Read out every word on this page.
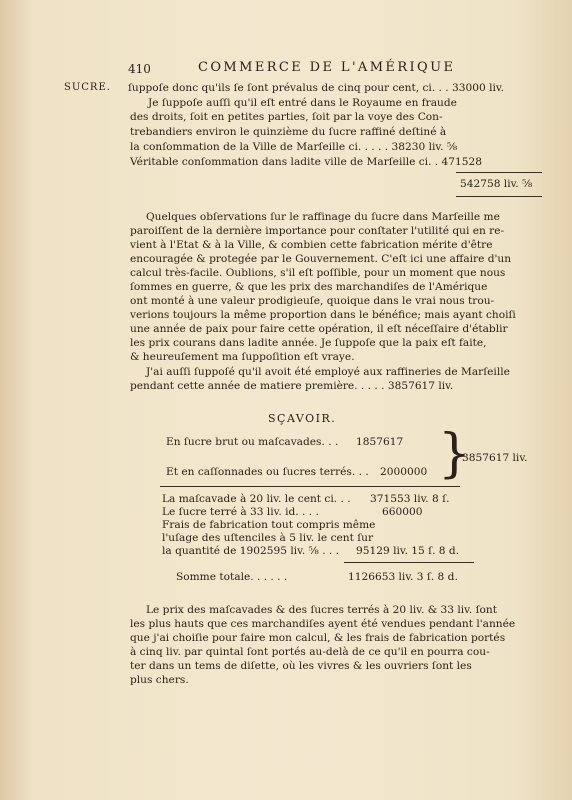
410	COMMERCE DE L'AMÉRIQUE
SUCRE. ſuppoſe donc qu'ils ſe ſont prévalus de cinq pour cent, ci. . . 33000 liv.
Je ſuppoſe auſſi qu'il eſt entré dans le Royaume en fraude
des droits, ſoit en petites parties, ſoit par la voye des Con-
trebandiers environ le quinzième du ſucre raffiné deſtiné à
la conſommation de la Ville de Marſeille ci. . . . . 38230 liv. ⅝
Véritable conſommation dans ladite ville de Marſeille ci. . 471528
542758 liv. ⅝
Quelques obſervations ſur le raffinage du ſucre dans Marſeille me
paroiſſent de la dernière importance pour conſtater l'utilité qui en re-
vient à l'Etat & à la Ville, & combien cette fabrication mérite d'être
encouragée & protegée par le Gouvernement. C'eſt ici une affaire d'un
calcul très-facile. Oublions, s'il eſt poſſible, pour un moment que nous
ſommes en guerre, & que les prix des marchandiſes de l'Amérique
ont monté à une valeur prodigieuſe, quoique dans le vrai nous trou-
verions toujours la même proportion dans le bénéfice; mais ayant choiſi
une année de paix pour faire cette opération, il eſt néceſſaire d'établir
les prix courans dans ladite année. Je ſuppoſe que la paix eſt faite,
& heureuſement ma ſuppoſition eſt vraye.
J'ai auſſi ſuppoſé qu'il avoit été employé aux raffineries de Marſeille
pendant cette année de matiere première. . . . . 3857617 liv.
SÇAVOIR.
En ſucre brut ou maſcavades. . . 1857617
Et en caſſonnades ou ſucres terrés. . . 2000000 }
3857617 liv.
La maſcavade à 20 liv. le cent ci. . . 371553 liv. 8 ſ.
Le ſucre terré à 33 liv. id. . . .	660000
Frais de fabrication tout compris même
l'uſage des uſtenciles à 5 liv. le cent ſur
la quantité de 1902595 liv. ⅝ . . . 95129 liv. 15 ſ. 8 d.
Somme totale. . . . . .	1126653 liv. 3 ſ. 8 d.
Le prix des maſcavades & des ſucres terrés à 20 liv. & 33 liv. ſont
les plus hauts que ces marchandiſes ayent été vendues pendant l'année
que j'ai choiſie pour faire mon calcul, & les frais de fabrication portés
à cinq liv. par quintal ſont portés au-delà de ce qu'il en pourra cou-
ter dans un tems de diſette, où les vivres & les ouvriers ſont les
plus chers.
